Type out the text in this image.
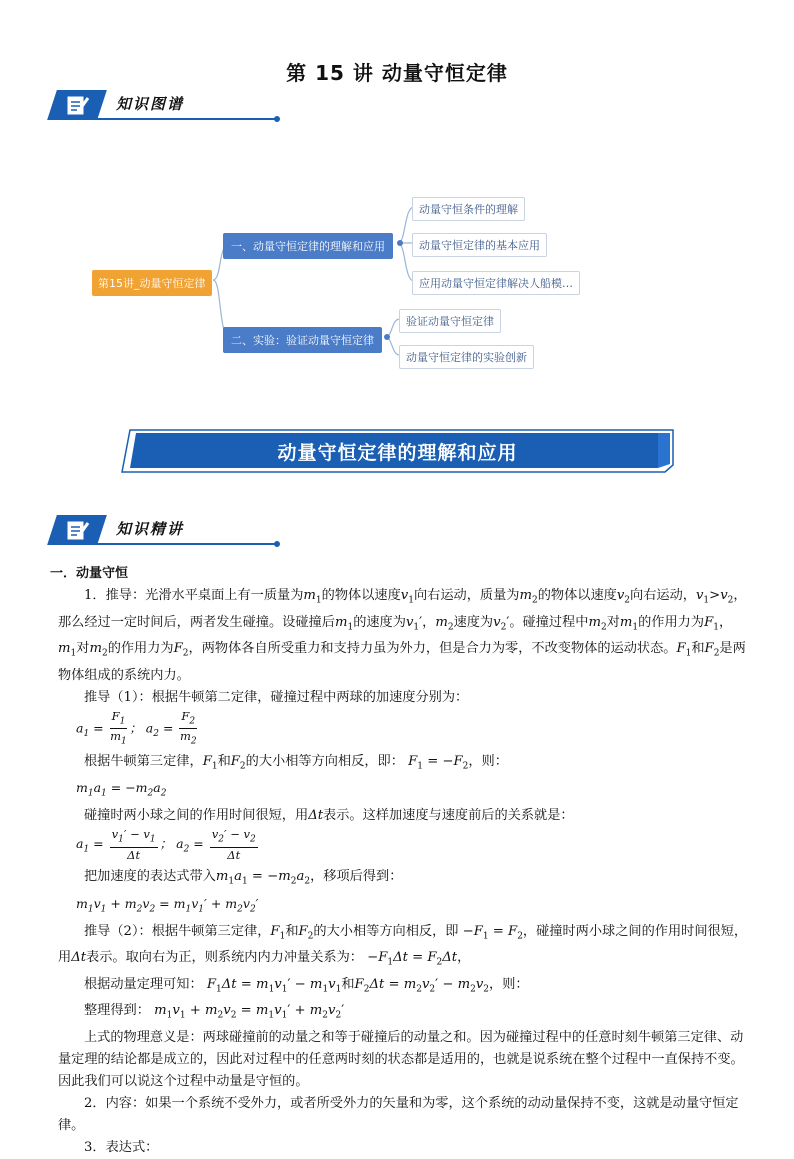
第 15 讲 动量守恒定律
知识图谱
第15讲_动量守恒定律
一、动量守恒定律的理解和应用
二、实验：验证动量守恒定律
动量守恒条件的理解
动量守恒定律的基本应用
应用动量守恒定律解决人船模…
验证动量守恒定律
动量守恒定律的实验创新
动量守恒定律的理解和应用
知识精讲

一．动量守恒

1．推导：光滑水平桌面上有一质量为$m_1$的物体以速度$v_1$向右运动，质量为$m_2$的物体以速度$v_2$向右运动，$v_1>v_2$，那么经过一定时间后，两者发生碰撞。设碰撞后$m_1$的速度为$v_1'$，$m_2$速度为$v_2'$。碰撞过程中$m_2$对$m_1$的作用力为$F_1$，$m_1$对$m_2$的作用力为$F_2$，两物体各自所受重力和支持力虽为外力，但是合力为零，不改变物体的运动状态。$F_1$和$F_2$是两物体组成的系统内力。

推导（1）：根据牛顿第二定律，碰撞过程中两球的加速度分别为：

$a_1 = \frac{F_1}{m_1}$ ； $a_2 = \frac{F_2}{m_2}$

根据牛顿第三定律，$F_1$和$F_2$的大小相等方向相反，即： $F_1 = -F_2$，则：

$m_1a_1 = -m_2a_2$

碰撞时两小球之间的作用时间很短，用Δt表示。这样加速度与速度前后的关系就是：

$a_1 = \frac{v_1' - v_1}{\Delta t}$ ； $a_2 = \frac{v_2' - v_2}{\Delta t}$

把加速度的表达式带入$m_1a_1 = -m_2a_2$，移项后得到：

$m_1v_1 + m_2v_2 = m_1v_1' + m_2v_2'$

推导（2）：根据牛顿第三定律，$F_1$和$F_2$的大小相等方向相反，即 $-F_1 = F_2$，碰撞时两小球之间的作用时间很短，用Δt表示。取向右为正，则系统内内力冲量关系为： $-F_1\Delta t = F_2\Delta t$，

根据动量定理可知： $F_1\Delta t = m_1v_1' - m_1v_1$和$F_2\Delta t = m_2v_2' - m_2v_2$，则：

整理得到： $m_1v_1 + m_2v_2 = m_1v_1' + m_2v_2'$

上式的物理意义是：两球碰撞前的动量之和等于碰撞后的动量之和。因为碰撞过程中的任意时刻牛顿第三定律、动量定理的结论都是成立的，因此对过程中的任意两时刻的状态都是适用的，也就是说系统在整个过程中一直保持不变。因此我们可以说这个过程中动量是守恒的。

2．内容：如果一个系统不受外力，或者所受外力的矢量和为零，这个系统的动动量保持不变，这就是动量守恒定律。

3．表达式：
